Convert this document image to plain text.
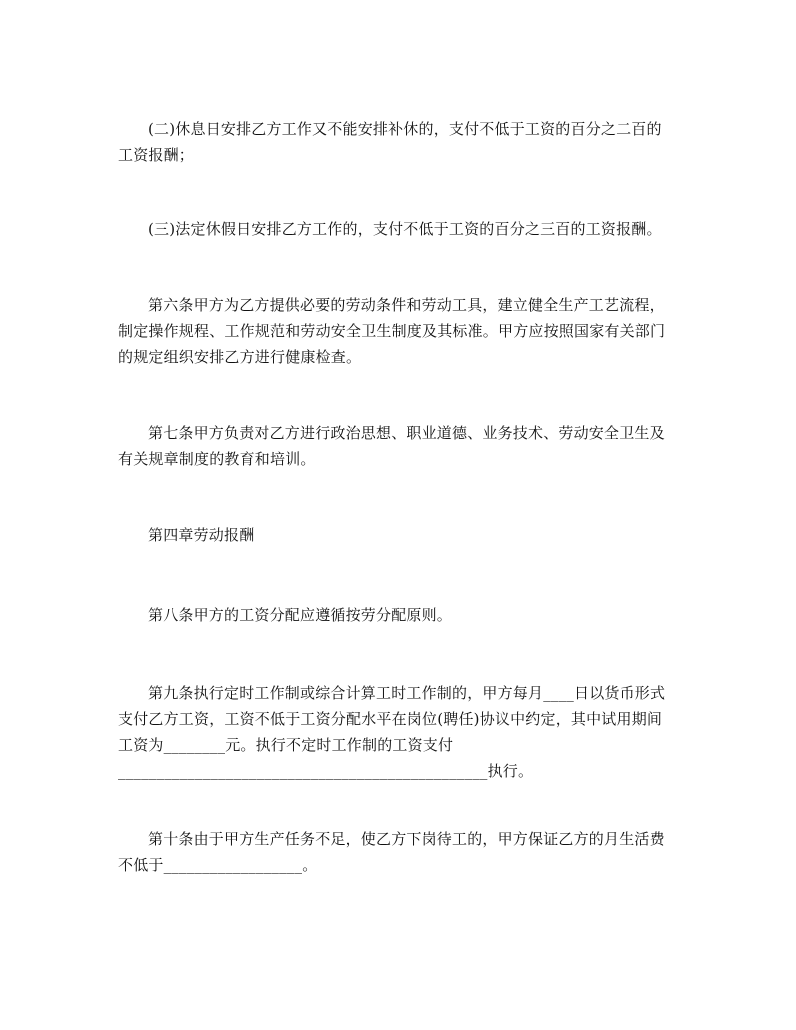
(二)休息日安排乙方工作又不能安排补休的，支付不低于工资的百分之二百的
工资报酬；

(三)法定休假日安排乙方工作的，支付不低于工资的百分之三百的工资报酬。

第六条甲方为乙方提供必要的劳动条件和劳动工具，建立健全生产工艺流程，
制定操作规程、工作规范和劳动安全卫生制度及其标准。甲方应按照国家有关部门
的规定组织安排乙方进行健康检查。

第七条甲方负责对乙方进行政治思想、职业道德、业务技术、劳动安全卫生及
有关规章制度的教育和培训。

第四章劳动报酬

第八条甲方的工资分配应遵循按劳分配原则。

第九条执行定时工作制或综合计算工时工作制的，甲方每月____日以货币形式
支付乙方工资，工资不低于工资分配水平在岗位(聘任)协议中约定，其中试用期间
工资为________元。执行不定时工作制的工资支付
________________________________________________执行。

第十条由于甲方生产任务不足，使乙方下岗待工的，甲方保证乙方的月生活费
不低于__________________。
